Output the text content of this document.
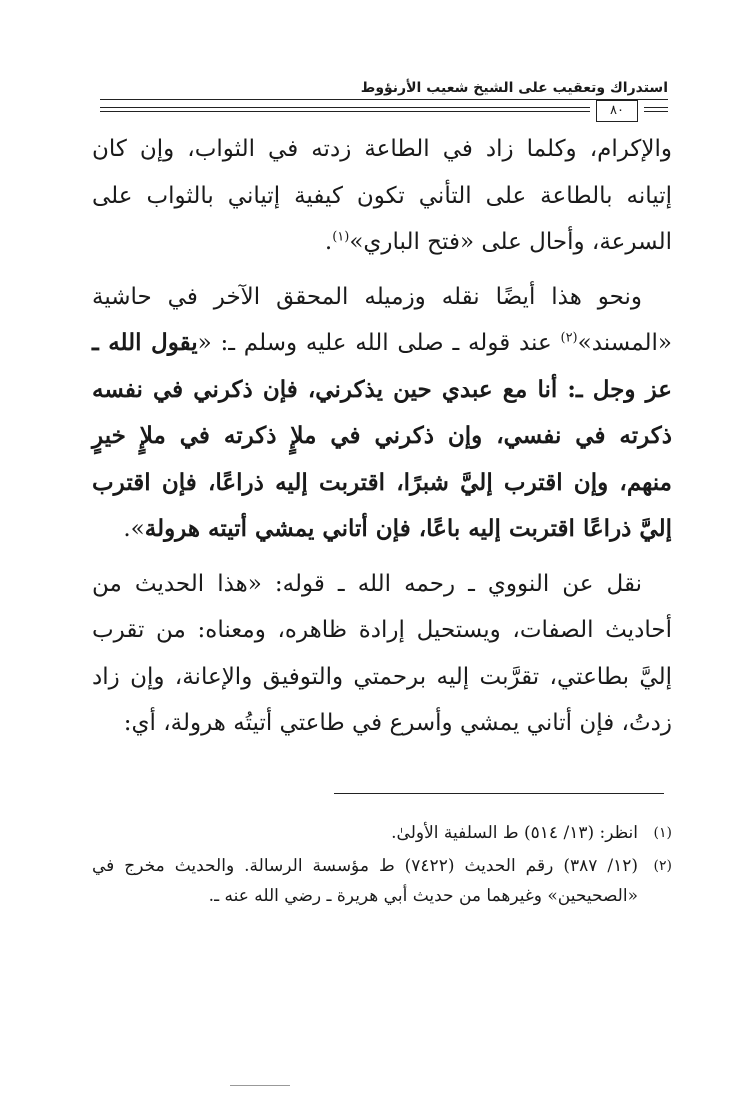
استدراك وتعقيب على الشيخ شعيب الأرنؤوط
٨٠

والإكرام، وكلما زاد في الطاعة زدته في الثواب، وإن كان إتيانه بالطاعة على التأني تكون كيفية إتياني بالثواب على السرعة، وأحال على «فتح الباري»$^{(١)}$.

ونحو هذا أيضًا نقله وزميله المحقق الآخر في حاشية «المسند»$^{(٢)}$ عند قوله ـ صلى الله عليه وسلم ـ: «يقول الله ـ عز وجل ـ: أنا مع عبدي حين يذكرني، فإن ذكرني في نفسه ذكرته في نفسي، وإن ذكرني في ملإٍ ذكرته في ملإٍ خيرٍ منهم، وإن اقترب إليَّ شبرًا، اقتربت إليه ذراعًا، فإن اقترب إليَّ ذراعًا اقتربت إليه باعًا، فإن أتاني يمشي أتيته هرولة».

نقل عن النووي ـ رحمه الله ـ قوله: «هذا الحديث من أحاديث الصفات، ويستحيل إرادة ظاهره، ومعناه: من تقرب إليَّ بطاعتي، تقرَّبت إليه برحمتي والتوفيق والإعانة، وإن زاد زدتُ، فإن أتاني يمشي وأسرع في طاعتي أتيتُه هرولة، أي:

(١)
انظر: (١٣/ ٥١٤) ط السلفية الأولىٰ.
(٢)
(١٢/ ٣٨٧) رقم الحديث (٧٤٢٢) ط مؤسسة الرسالة. والحديث مخرج في «الصحيحين» وغيرهما من حديث أبي هريرة ـ رضي الله عنه ـ.
